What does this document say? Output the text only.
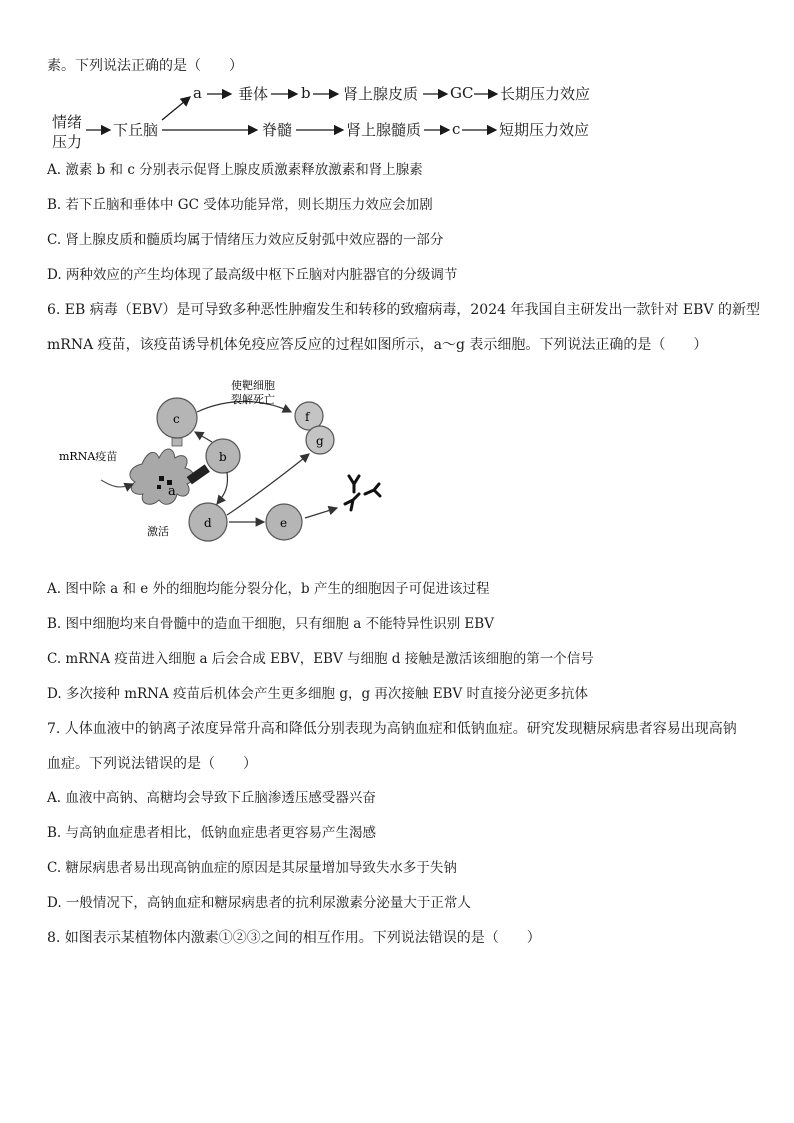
素。下列说法正确的是（　　）
情绪
压力
下丘脑
a 垂体 b 肾上腺皮质 GC 长期压力效应
脊髓	肾上腺髓质 c	短期压力效应
A. 激素 b 和 c 分别表示促肾上腺皮质激素释放激素和肾上腺素
B. 若下丘脑和垂体中 GC 受体功能异常，则长期压力效应会加剧
C. 肾上腺皮质和髓质均属于情绪压力效应反射弧中效应器的一部分
D. 两种效应的产生均体现了最高级中枢下丘脑对内脏器官的分级调节
6. EB 病毒（EBV）是可导致多种恶性肿瘤发生和转移的致瘤病毒，2024 年我国自主研发出一款针对 EBV 的新型
mRNA 疫苗，该疫苗诱导机体免疫应答反应的过程如图所示，a～g 表示细胞。下列说法正确的是（　　）
c
b
a
d	e
f
g
mRNA疫苗
使靶细胞
裂解死亡
激活
A. 图中除 a 和 e 外的细胞均能分裂分化，b 产生的细胞因子可促进该过程
B. 图中细胞均来自骨髓中的造血干细胞，只有细胞 a 不能特异性识别 EBV
C. mRNA 疫苗进入细胞 a 后会合成 EBV，EBV 与细胞 d 接触是激活该细胞的第一个信号
D. 多次接种 mRNA 疫苗后机体会产生更多细胞 g，g 再次接触 EBV 时直接分泌更多抗体
7. 人体血液中的钠离子浓度异常升高和降低分别表现为高钠血症和低钠血症。研究发现糖尿病患者容易出现高钠
血症。下列说法错误的是（　　）
A. 血液中高钠、高糖均会导致下丘脑渗透压感受器兴奋
B. 与高钠血症患者相比，低钠血症患者更容易产生渴感
C. 糖尿病患者易出现高钠血症的原因是其尿量增加导致失水多于失钠
D. 一般情况下，高钠血症和糖尿病患者的抗利尿激素分泌量大于正常人
8. 如图表示某植物体内激素①②③之间的相互作用。下列说法错误的是（　　）
